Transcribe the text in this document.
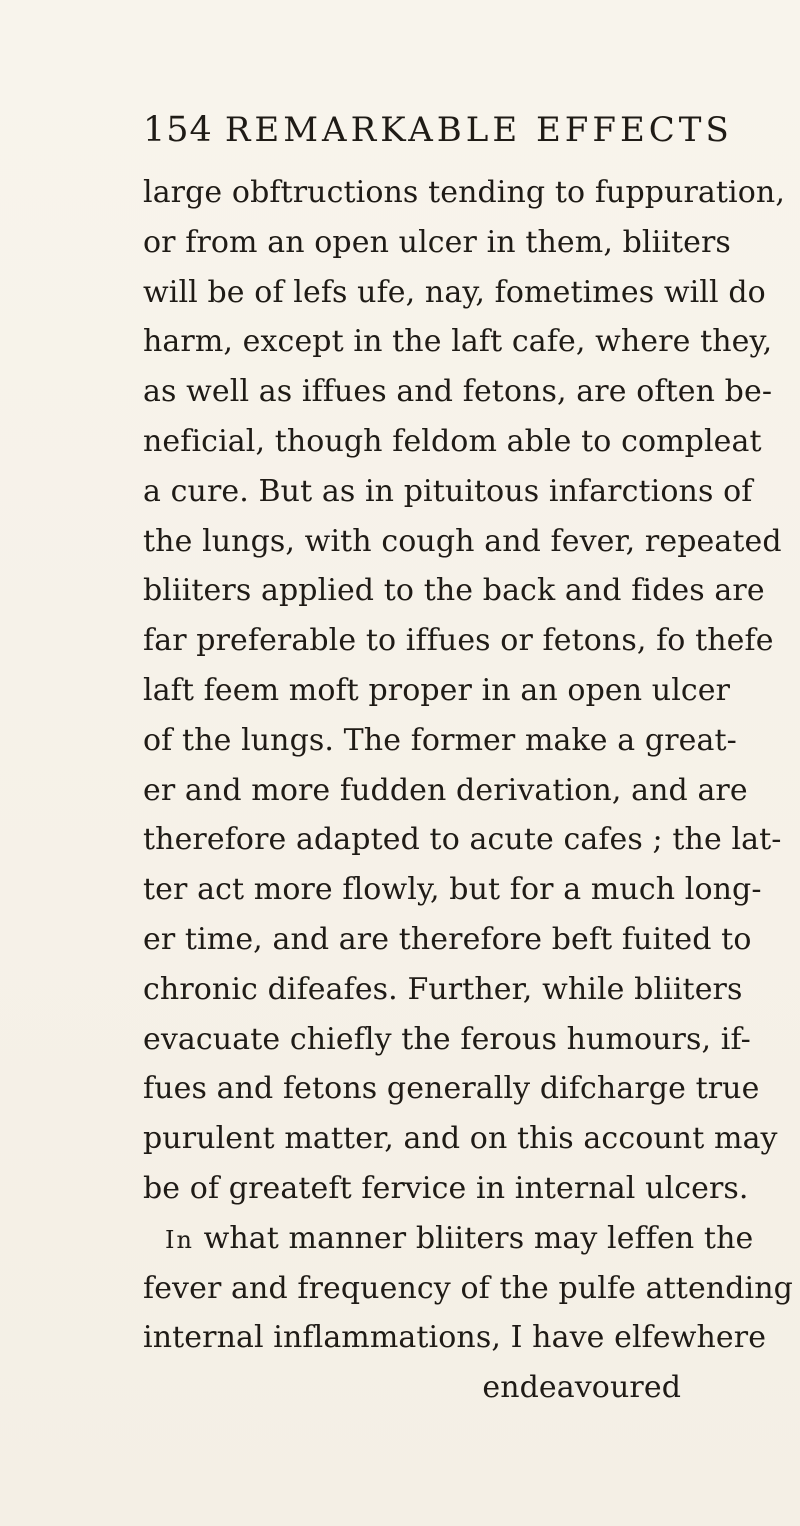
154 REMARKABLE EFFECTS
large obftructions tending to fuppuration,
or from an open ulcer in them, bliiters
will be of lefs ufe, nay, fometimes will do
harm, except in the laft cafe, where they,
as well as iffues and fetons, are often be-
neficial, though feldom able to compleat
a cure. But as in pituitous infarctions of
the lungs, with cough and fever, repeated
bliiters applied to the back and fides are
far preferable to iffues or fetons, fo thefe
laft feem moft proper in an open ulcer
of the lungs. The former make a great-
er and more fudden derivation, and are
therefore adapted to acute cafes ; the lat-
ter act more flowly, but for a much long-
er time, and are therefore beft fuited to
chronic difeafes. Further, while bliiters
evacuate chiefly the ferous humours, if-
fues and fetons generally difcharge true
purulent matter, and on this account may
be of greateft fervice in internal ulcers.
In what manner bliiters may leffen the
fever and frequency of the pulfe attending
internal inflammations, I have elfewhere
endeavoured
